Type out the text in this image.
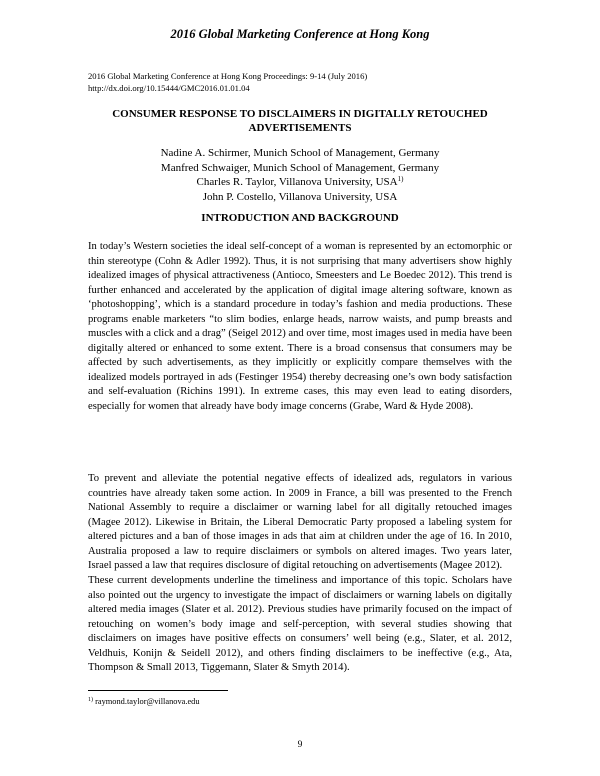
2016 Global Marketing Conference at Hong Kong
2016 Global Marketing Conference at Hong Kong Proceedings: 9-14 (July 2016)
http://dx.doi.org/10.15444/GMC2016.01.01.04
CONSUMER RESPONSE TO DISCLAIMERS IN DIGITALLY RETOUCHED ADVERTISEMENTS
Nadine A. Schirmer, Munich School of Management, Germany
Manfred Schwaiger, Munich School of Management, Germany
Charles R. Taylor, Villanova University, USA$^{1)}$
John P. Costello, Villanova University, USA
INTRODUCTION AND BACKGROUND

In today’s Western societies the ideal self-concept of a woman is represented by an ectomorphic or thin stereotype (Cohn & Adler 1992). Thus, it is not surprising that many advertisers show highly idealized images of physical attractiveness (Antioco, Smeesters and Le Boedec 2012). This trend is further enhanced and accelerated by the application of digital image altering software, known as ‘photoshopping’, which is a standard procedure in today’s fashion and media productions. These programs enable marketers “to slim bodies, enlarge heads, narrow waists, and pump breasts and muscles with a click and a drag” (Seigel 2012) and over time, most images used in media have been digitally altered or enhanced to some extent. There is a broad consensus that consumers may be affected by such advertisements, as they implicitly or explicitly compare themselves with the idealized models portrayed in ads (Festinger 1954) thereby decreasing one’s own body satisfaction and self-evaluation (Richins 1991). In extreme cases, this may even lead to eating disorders, especially for women that already have body image concerns (Grabe, Ward & Hyde 2008).

To prevent and alleviate the potential negative effects of idealized ads, regulators in various countries have already taken some action. In 2009 in France, a bill was presented to the French National Assembly to require a disclaimer or warning label for all digitally retouched images (Magee 2012). Likewise in Britain, the Liberal Democratic Party proposed a labeling system for altered pictures and a ban of those images in ads that aim at children under the age of 16. In 2010, Australia proposed a law to require disclaimers or symbols on altered images. Two years later, Israel passed a law that requires disclosure of digital retouching on advertisements (Magee 2012).

These current developments underline the timeliness and importance of this topic. Scholars have also pointed out the urgency to investigate the impact of disclaimers or warning labels on digitally altered media images (Slater et al. 2012). Previous studies have primarily focused on the impact of retouching on women’s body image and self-perception, with several studies showing that disclaimers on images have positive effects on consumers’ well being (e.g., Slater, et al. 2012, Veldhuis, Konijn & Seidell 2012), and others finding disclaimers to be ineffective (e.g., Ata, Thompson & Small 2013, Tiggemann, Slater & Smyth 2014).

$^{1)}$ raymond.taylor@villanova.edu
9
